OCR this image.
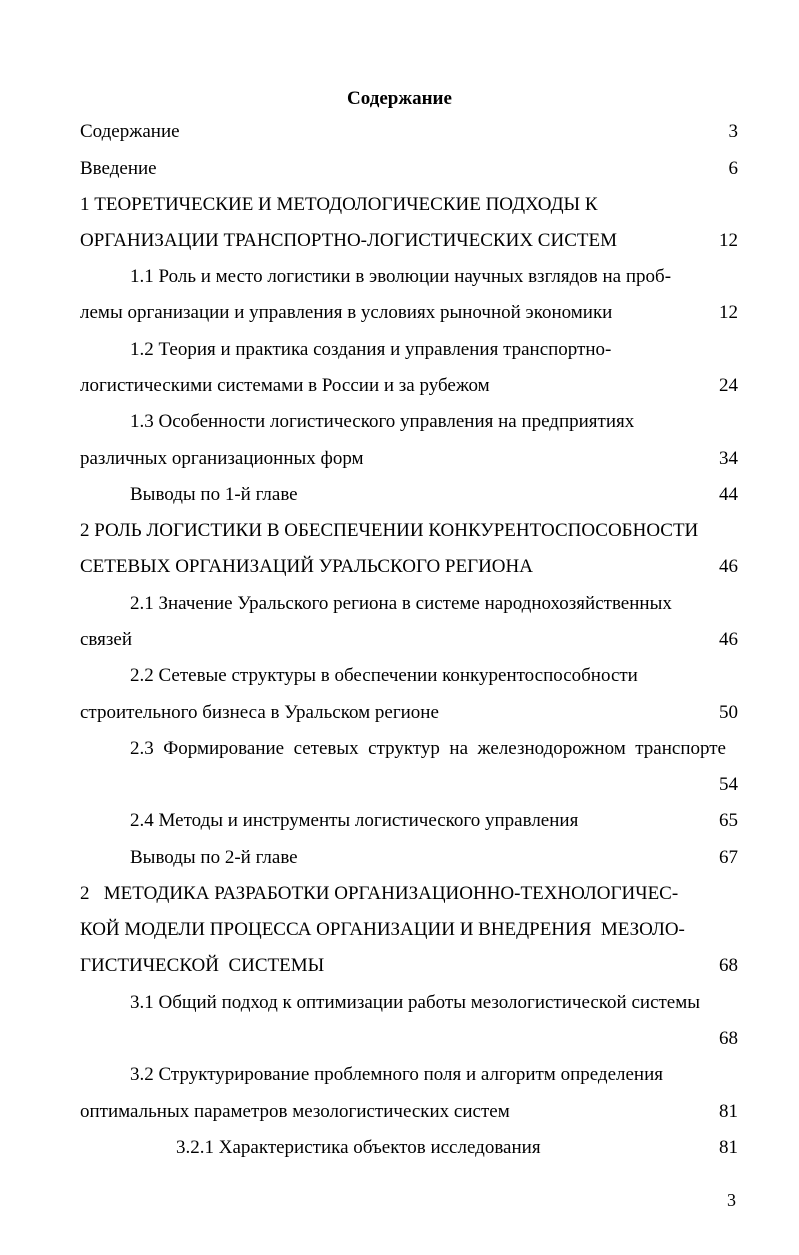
Содержание
Содержание	3
Введение	6
1 ТЕОРЕТИЧЕСКИЕ И МЕТОДОЛОГИЧЕСКИЕ ПОДХОДЫ К
ОРГАНИЗАЦИИ ТРАНСПОРТНО-ЛОГИСТИЧЕСКИХ СИСТЕМ	12
1.1 Роль и место логистики в эволюции научных взглядов на проб-
лемы организации и управления в условиях рыночной экономики	12
1.2 Теория и практика создания и управления транспортно-
логистическими системами в России и за рубежом	24
1.3 Особенности логистического управления на предприятиях
различных организационных форм	34
Выводы по 1-й главе	44
2 РОЛЬ ЛОГИСТИКИ В ОБЕСПЕЧЕНИИ КОНКУРЕНТОСПОСОБНОСТИ
СЕТЕВЫХ ОРГАНИЗАЦИЙ УРАЛЬСКОГО РЕГИОНА	46
2.1 Значение Уральского региона в системе народнохозяйственных
связей	46
2.2 Сетевые структуры в обеспечении конкурентоспособности
строительного бизнеса в Уральском регионе	50
2.3  Формирование  сетевых  структур  на  железнодорожном  транспорте
54
2.4 Методы и инструменты логистического управления	65
Выводы по 2-й главе	67
2   МЕТОДИКА РАЗРАБОТКИ ОРГАНИЗАЦИОННО-ТЕХНОЛОГИЧЕС-
КОЙ МОДЕЛИ ПРОЦЕССА ОРГАНИЗАЦИИ И ВНЕДРЕНИЯ  МЕЗОЛО-
ГИСТИЧЕСКОЙ  СИСТЕМЫ	68
3.1 Общий подход к оптимизации работы мезологистической системы
68
3.2 Структурирование проблемного поля и алгоритм определения
оптимальных параметров мезологистических систем	81
3.2.1 Характеристика объектов исследования	81
3
